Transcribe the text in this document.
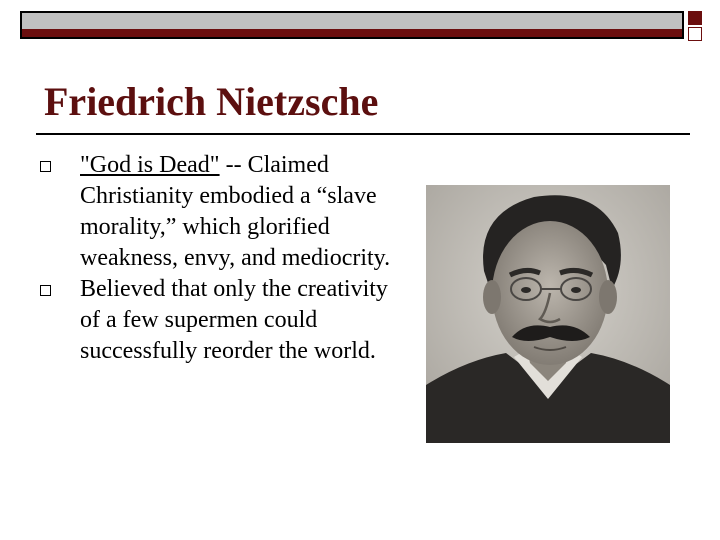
Friedrich Nietzsche
"God is Dead" -- Claimed Christianity embodied a “slave morality,” which glorified weakness, envy, and mediocrity.
Believed that only the creativity of a few supermen could successfully reorder the world.
